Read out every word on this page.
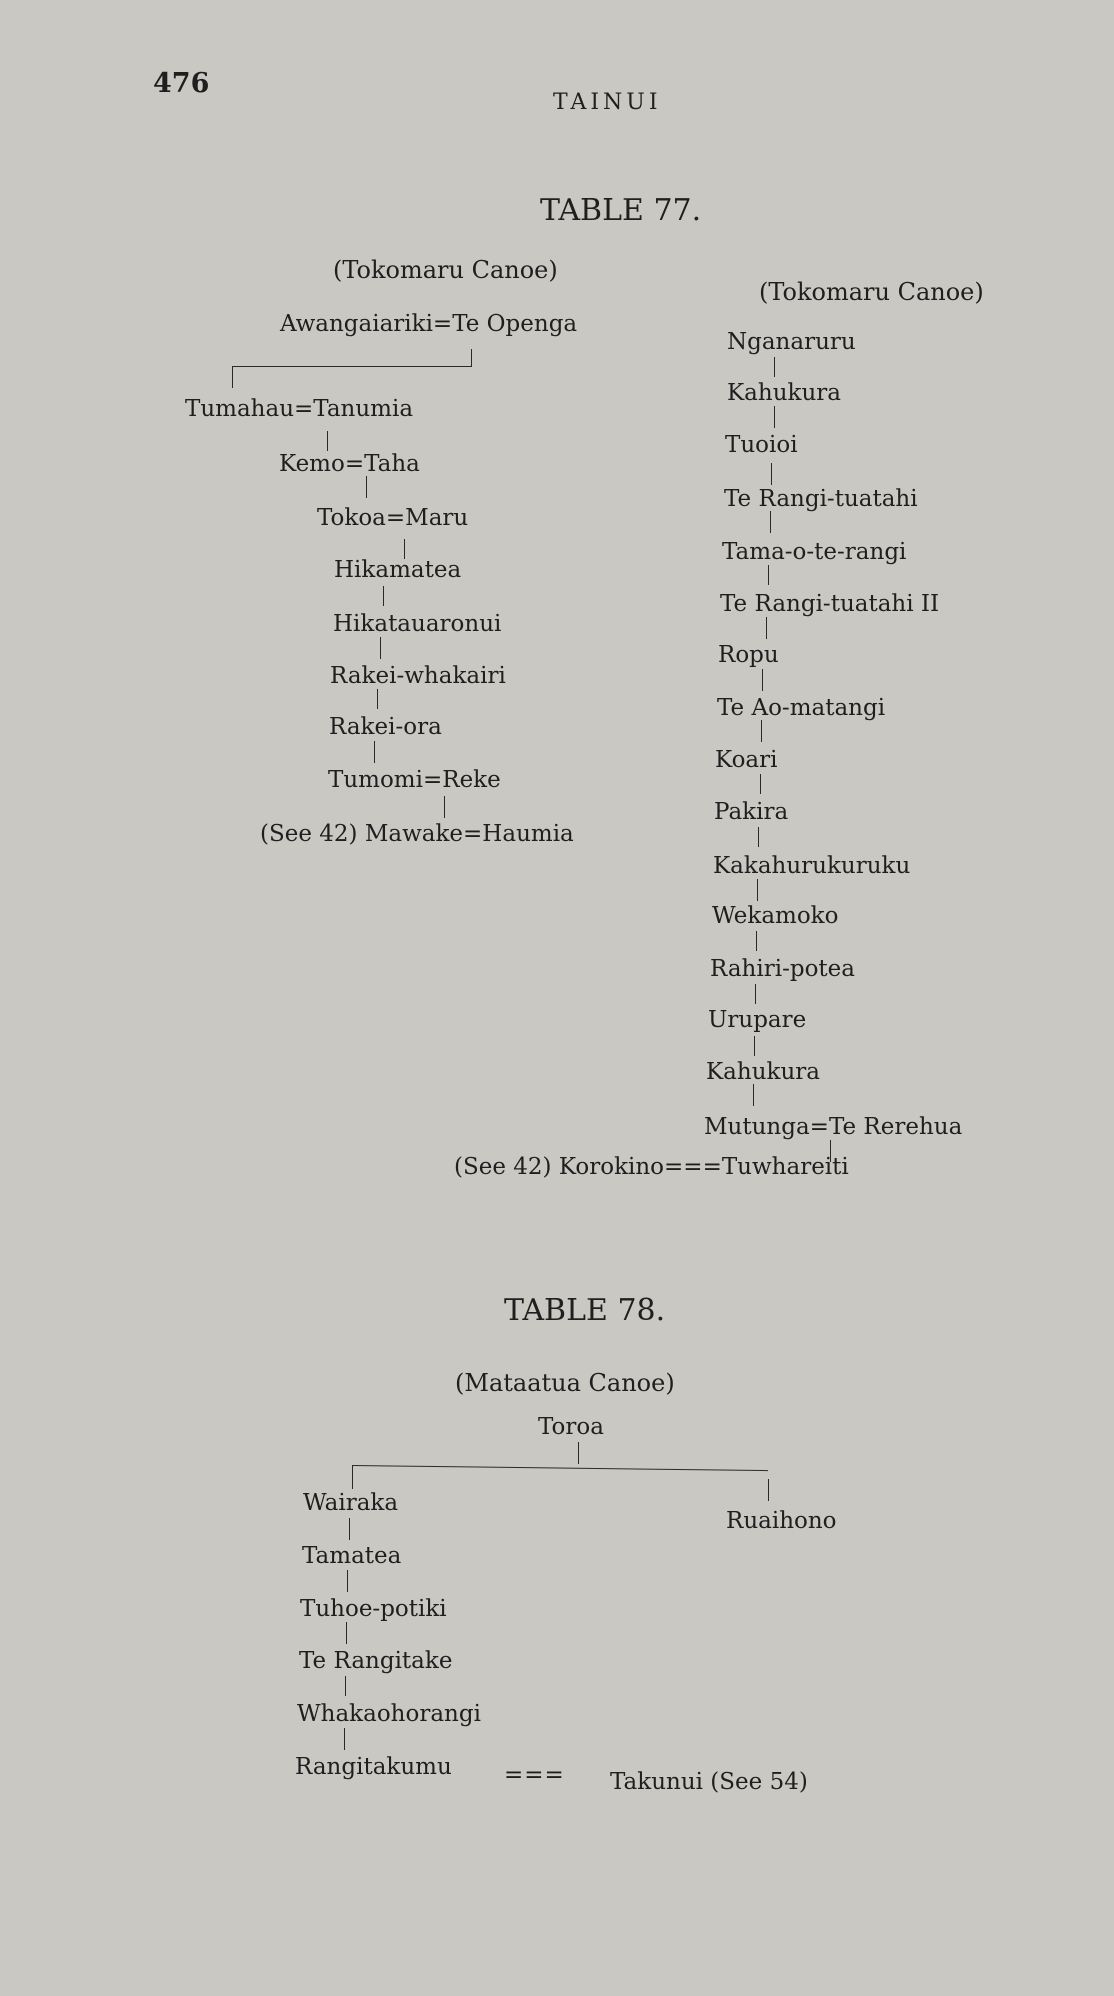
476
TAINUI
TABLE 77.
(Tokomaru Canoe)
Awangaiariki=Te Openga
Tumahau=Tanumia
Kemo=Taha
Tokoa=Maru
Hikamatea
Hikatauaronui
Rakei-whakairi
Rakei-ora
Tumomi=Reke
(See 42) Mawake=Haumia
(Tokomaru Canoe)
Nganaruru
Kahukura
Tuoioi
Te Rangi-tuatahi
Tama-o-te-rangi
Te Rangi-tuatahi II
Ropu
Te Ao-matangi
Koari
Pakira
Kakahurukuruku
Wekamoko
Rahiri-potea
Urupare
Kahukura
Mutunga=Te Rerehua
(See 42) Korokino===Tuwhareiti
TABLE 78.
(Mataatua Canoe)
Toroa
Wairaka
Ruaihono
Tamatea
Tuhoe-potiki
Te Rangitake
Whakaohorangi
Rangitakumu === Takunui (See 54)
